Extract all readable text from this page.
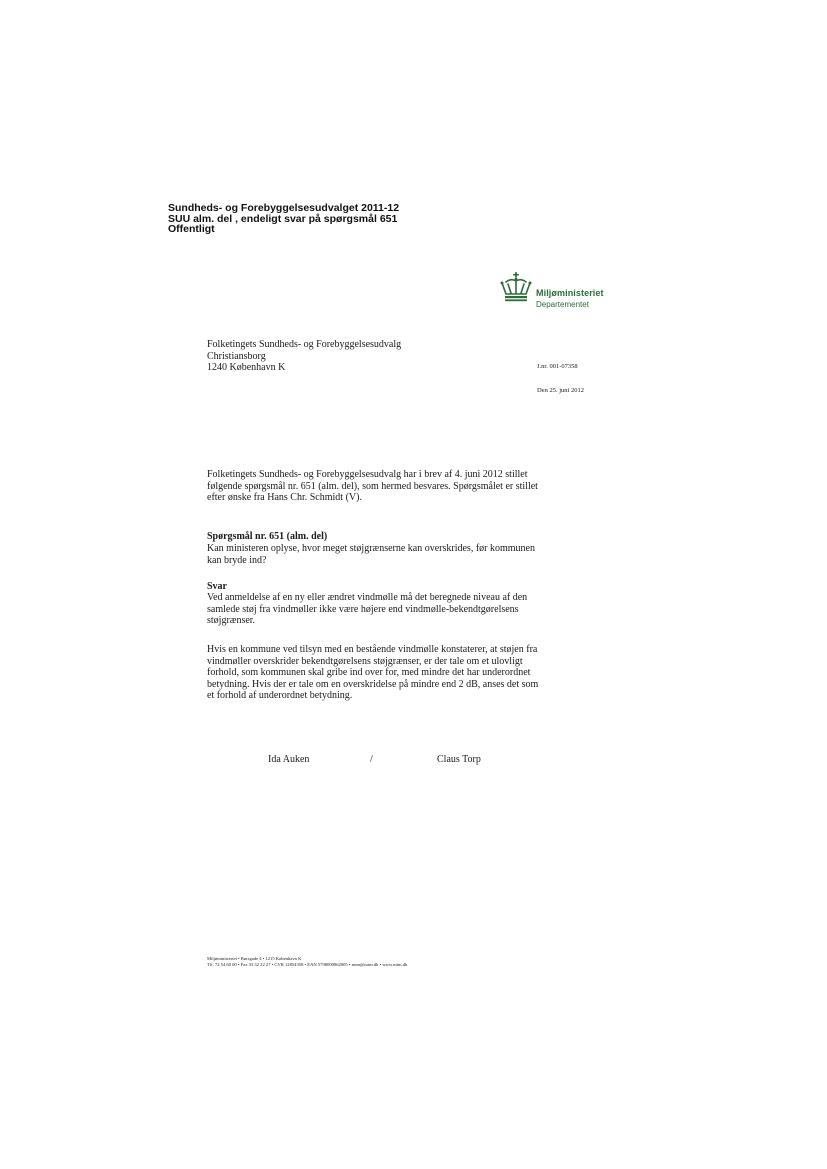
Sundheds- og Forebyggelsesudvalget 2011-12
SUU alm. del , endeligt svar på spørgsmål 651
Offentligt
Miljøministeriet
Departementet
Folketingets Sundheds- og Forebyggelsesudvalg
Christiansborg
1240 København K	J.nr. 001-07358
Den 25. juni 2012

Folketingets Sundheds- og Forebyggelsesudvalg har i brev af 4. juni 2012 stillet følgende spørgsmål nr. 651 (alm. del), som hermed besvares. Spørgsmålet er stillet efter ønske fra Hans Chr. Schmidt (V).

Spørgsmål nr. 651 (alm. del)

Kan ministeren oplyse, hvor meget støjgrænserne kan overskrides, før kommunen kan bryde ind?

Svar

Ved anmeldelse af en ny eller ændret vindmølle må det beregnede niveau af den samlede støj fra vindmøller ikke være højere end vindmølle-bekendtgørelsens støjgrænser.

Hvis en kommune ved tilsyn med en bestående vindmølle konstaterer, at støjen fra vindmøller overskrider bekendtgørelsens støjgrænser, er der tale om et ulovligt forhold, som kommunen skal gribe ind over for, med mindre det har underordnet betydning. Hvis der er tale om en overskridelse på mindre end 2 dB, anses det som et forhold af underordnet betydning.

Ida Auken	/	Claus Torp
Miljøministeriet • Børsgade 4 • 1215 København K
Tlf. 72 54 60 00 • Fax 33 32 22 27 • CVR 12854358 • EAN 5798000862005 • mim@mim.dk • www.mim.dk
